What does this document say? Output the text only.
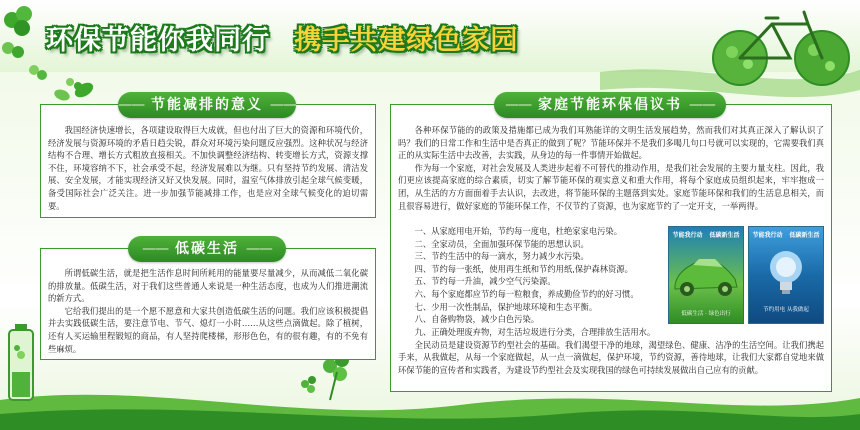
环保节能你我同行 携手共建绿色家园
—— 节能减排的意义 ——

我国经济快速增长，各项建设取得巨大成就，但也付出了巨大的资源和环境代价，经济发展与资源环境的矛盾日趋尖锐，群众对环境污染问题反应强烈。这种状况与经济结构不合理、增长方式粗放直接相关。不加快调整经济结构、转变增长方式，资源支撑不住，环境容纳不下，社会承受不起，经济发展难以为继。只有坚持节约发展、清洁发展、安全发展，才能实现经济又好又快发展。同时，温室气体排放引起全球气候变暖，备受国际社会广泛关注。进一步加强节能减排工作，也是应对全球气候变化的迫切需要。

—— 低碳生活 ——

所谓低碳生活，就是把生活作息时间所耗用的能量要尽量减少，从而减低二氧化碳的排放量。低碳生活，对于我们这些普通人来说是一种生活态度，也成为人们推进潮流的新方式。

它给我们提出的是一个愿不愿意和大家共创造低碳生活的问题。我们应该积极提倡并去实践低碳生活，要注意节电、节气、熄灯一小时……从这些点滴做起。除了植树，还有人买运输里程锻短的商品，有人坚持爬楼梯，形形色色，有的很有趣，有的不免有些麻烦。

—— 家庭节能环保倡议书 ——

各种环保节能的的政策及措施都已成为我们耳熟能详的文明生活发展趋势，然而我们对其真正深入了解认识了吗？我们的日常工作和生活中是否真正的做到了呢？节能环保并不是我们多喝几句口号就可以实现的，它需要我们真正的从实际生活中去改善，去实践，从身边的每一件事情开始做起。

作为每一个家庭，对社会发展及人类进步起着不可替代的推动作用，是我们社会发展的主要力量支柱。因此，我们更应该提高家庭的综合素质，切实了解节能环保的观实意义和重大作用，将每个家庭成员组织起来，牢牢抱成一团，从生活的方方面面着手去认识，去改进，将节能环保的主题落到实处。家庭节能环保和我们的生活息息相关，而且很容易进行，做好家庭的节能环保工作，不仅节约了资源，也为家庭节约了一定开支，一举两得。

一、从家庭用电开始，节约每一度电，杜绝家家电污染。
二、全家动员，全面加强环保节能的思想认识。
三、节约生活中的每一滴水，努力减少水污染。
四、节约每一张纸，使用再生纸和节约用纸,保护森林资源。
五、节约每一升油，减少空气污染源。
六、每个家庭都应节约每一粒粮食，养成勤俭节约的好习惯。
七、少用一次性制品，保护地球环境和生态平衡。
八、自备购物袋，减少白色污染。
九、正确处理废弃物，对生活垃圾进行分类，合理排放生活用水。

全民动员是建设资源节约型社会的基础。我们渴望干净的地球，渴望绿色、健康、洁净的生活空间。让我们携起手来，从我做起，从每一个家庭做起，从一点一滴做起，保护环境，节约资源，善待地球，让我们大家都自觉地来做环保节能的宣传者和实践者，为建设节约型社会及实现我国的绿色可持续发展做出自己应有的贡献。

节能我行动 低碳新生活
低碳生活 · 绿色出行
节能我行动 低碳新生活
节约用电 从我做起
